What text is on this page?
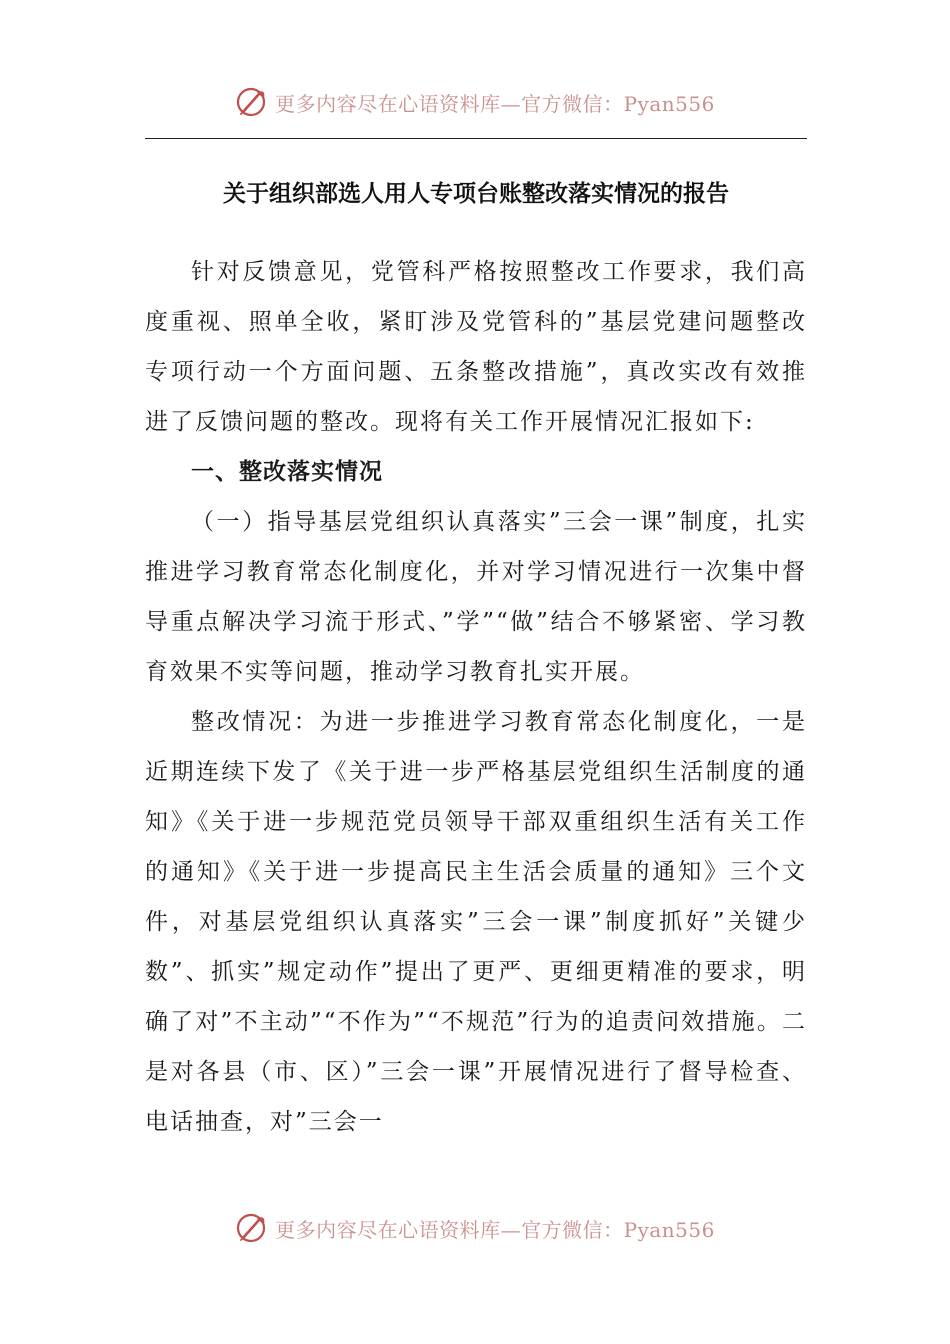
更多内容尽在心语资料库—官方微信：Pyan556
关于组织部选人用人专项台账整改落实情况的报告

针对反馈意见，党管科严格按照整改工作要求，我们高度重视、照单全收，紧盯涉及党管科的”基层党建问题整改专项行动一个方面问题、五条整改措施”，真改实改有效推进了反馈问题的整改。现将有关工作开展情况汇报如下:

一、整改落实情况

（一）指导基层党组织认真落实”三会一课”制度，扎实推进学习教育常态化制度化，并对学习情况进行一次集中督导重点解决学习流于形式、”学”“做”结合不够紧密、学习教育效果不实等问题，推动学习教育扎实开展。

整改情况：为进一步推进学习教育常态化制度化，一是近期连续下发了《关于进一步严格基层党组织生活制度的通知》《关于进一步规范党员领导干部双重组织生活有关工作的通知》《关于进一步提高民主生活会质量的通知》三个文件，对基层党组织认真落实”三会一课”制度抓好”关键少数”、抓实”规定动作”提出了更严、更细更精准的要求，明确了对”不主动”“不作为”“不规范”行为的追责问效措施。二是对各县（市、区）”三会一课”开展情况进行了督导检查、电话抽查，对”三会一

更多内容尽在心语资料库—官方微信：Pyan556
